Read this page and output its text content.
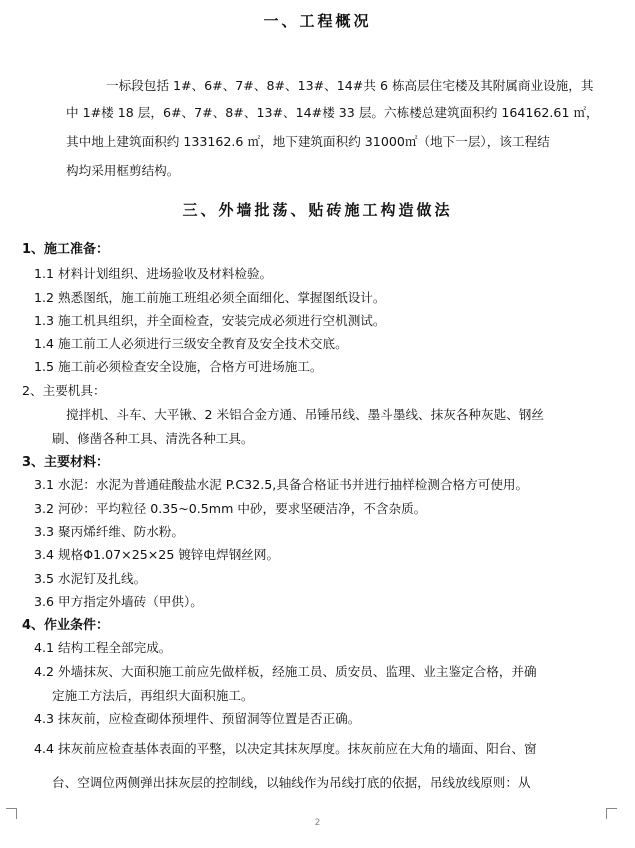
一、工程概况
一标段包括 1#、6#、7#、8#、13#、14#共 6 栋高层住宅楼及其附属商业设施，其
中 1#楼 18 层，6#、7#、8#、13#、14#楼 33 层。六栋楼总建筑面积约 164162.61 ㎡，
其中地上建筑面积约 133162.6 ㎡，地下建筑面积约 31000㎡（地下一层），该工程结
构均采用框剪结构。
三、外墙批荡、贴砖施工构造做法
1、施工准备：
1.1 材料计划组织、进场验收及材料检验。
1.2 熟悉图纸，施工前施工班组必须全面细化、掌握图纸设计。
1.3 施工机具组织，并全面检查，安装完成必须进行空机测试。
1.4 施工前工人必须进行三级安全教育及安全技术交底。
1.5 施工前必须检查安全设施，合格方可进场施工。
2、主要机具：
搅拌机、斗车、大平锹、2 米铝合金方通、吊锤吊线、墨斗墨线、抹灰各种灰匙、钢丝
刷、修凿各种工具、清洗各种工具。
3、主要材料：
3.1 水泥：水泥为普通硅酸盐水泥 P.C32.5,具备合格证书并进行抽样检测合格方可使用。
3.2 河砂：平均粒径 0.35~0.5mm 中砂，要求坚硬洁净，不含杂质。
3.3 聚丙烯纤维、防水粉。
3.4 规格Φ1.07×25×25 镀锌电焊钢丝网。
3.5 水泥钉及扎线。
3.6 甲方指定外墙砖（甲供）。
4、作业条件：
4.1 结构工程全部完成。
4.2 外墙抹灰、大面积施工前应先做样板，经施工员、质安员、监理、业主鉴定合格，并确
定施工方法后，再组织大面积施工。
4.3 抹灰前，应检查砌体预埋件、预留洞等位置是否正确。
4.4 抹灰前应检查基体表面的平整，以决定其抹灰厚度。抹灰前应在大角的墙面、阳台、窗
台、空调位两侧弹出抹灰层的控制线，以轴线作为吊线打底的依据，吊线放线原则：从
2
